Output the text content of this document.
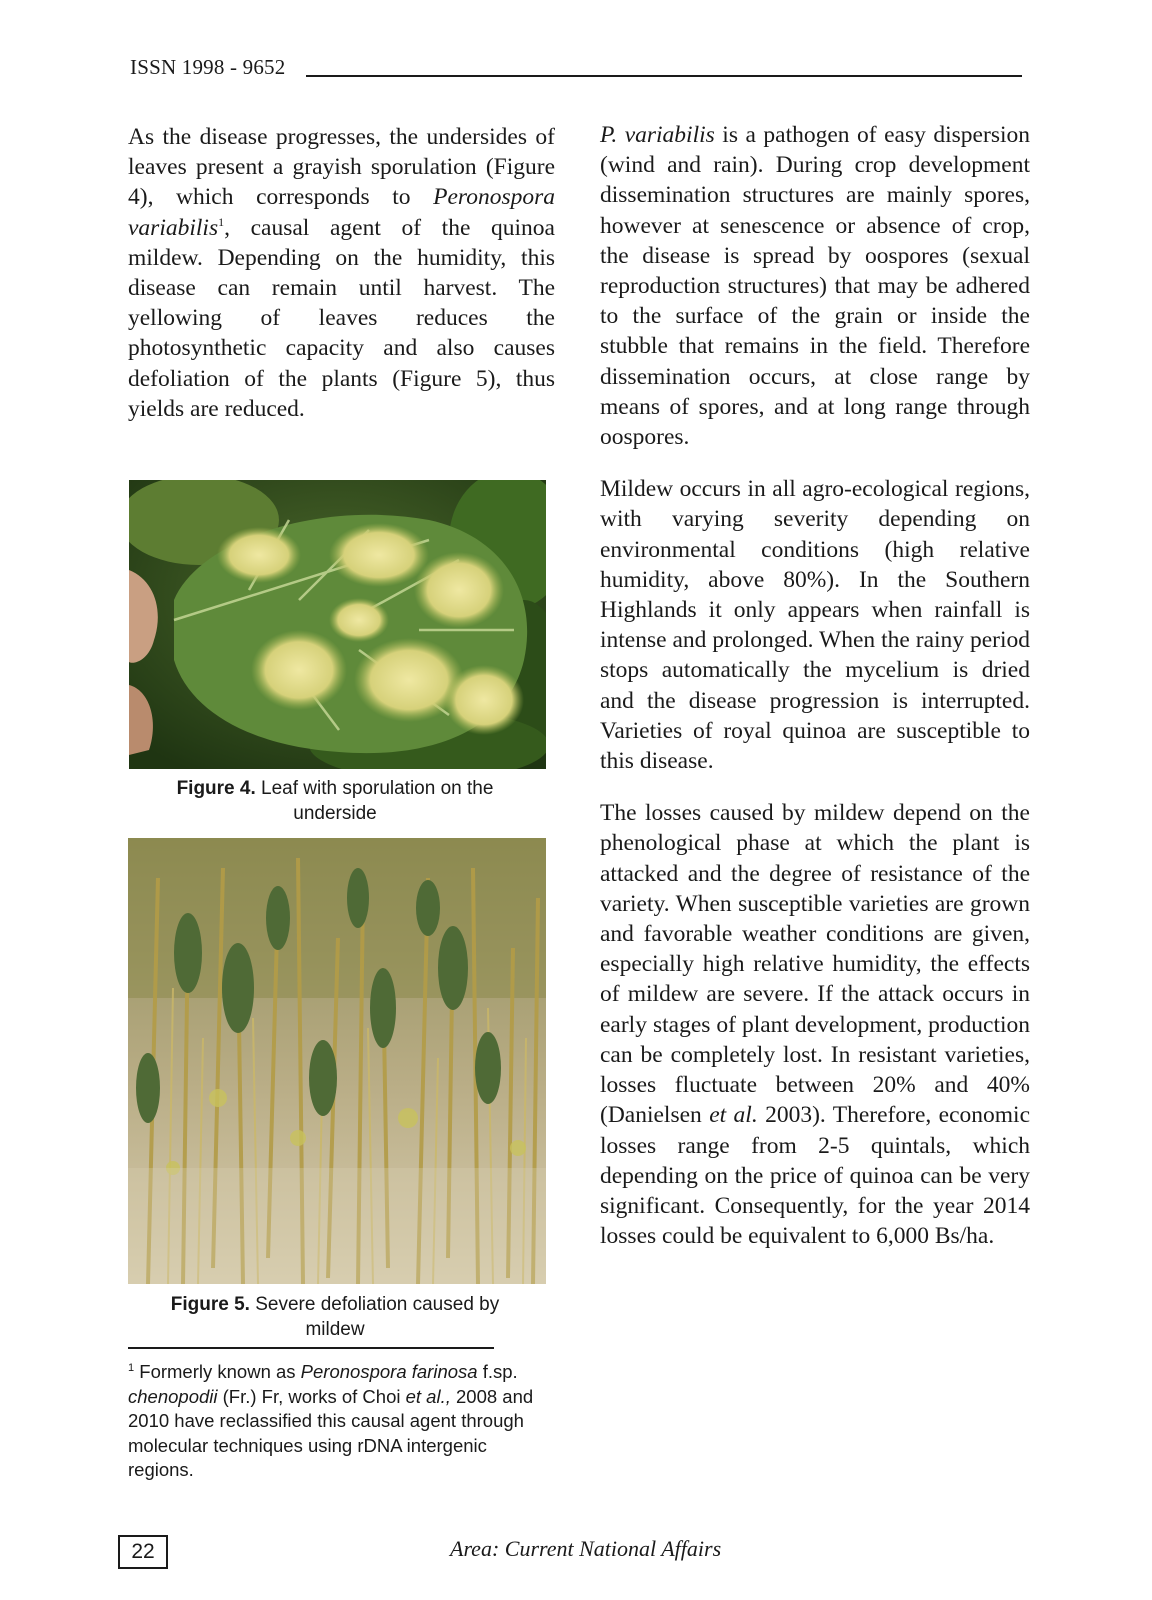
ISSN 1998 - 9652
As the disease progresses, the undersides of leaves present a grayish sporulation (Figure 4), which corresponds to Peronospora variabilis$^1$, causal agent of the quinoa mildew. Depending on the humidity, this disease can remain until harvest. The yellowing of leaves reduces the photosynthetic capacity and also causes defoliation of the plants (Figure 5), thus yields are reduced.
Figure 4. Leaf with sporulation on the underside
Figure 5. Severe defoliation caused by mildew
$^1$ Formerly known as Peronospora farinosa f.sp. chenopodii (Fr.) Fr, works of Choi et al., 2008 and 2010 have reclassified this causal agent through molecular techniques using rDNA intergenic regions.
P. variabilis is a pathogen of easy dispersion (wind and rain). During crop development dissemination structures are mainly spores, however at senescence or absence of crop, the disease is spread by oospores (sexual reproduction structures) that may be adhered to the surface of the grain or inside the stubble that remains in the field. Therefore dissemination occurs, at close range by means of spores, and at long range through oospores.
Mildew occurs in all agro-ecological regions, with varying severity depending on environmental conditions (high relative humidity, above 80%). In the Southern Highlands it only appears when rainfall is intense and prolonged. When the rainy period stops automatically the mycelium is dried and the disease progression is interrupted. Varieties of royal quinoa are susceptible to this disease.
The losses caused by mildew depend on the phenological phase at which the plant is attacked and the degree of resistance of the variety. When susceptible varieties are grown and favorable weather conditions are given, especially high relative humidity, the effects of mildew are severe. If the attack occurs in early stages of plant development, production can be completely lost. In resistant varieties, losses fluctuate between 20% and 40% (Danielsen et al. 2003). Therefore, economic losses range from 2-5 quintals, which depending on the price of quinoa can be very significant. Consequently, for the year 2014 losses could be equivalent to 6,000 Bs/ha.
22	Area: Current National Affairs
